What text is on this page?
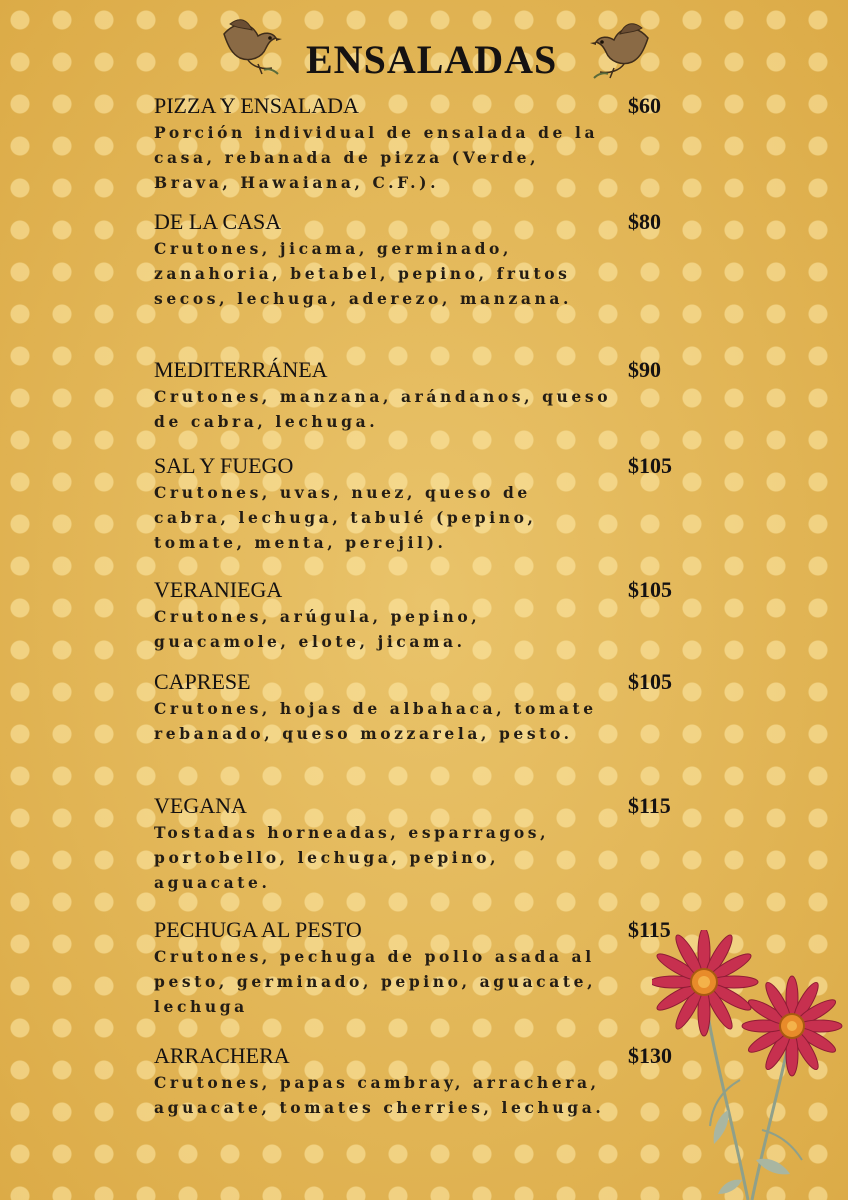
ENSALADAS
PIZZA Y ENSALADA	$60
Porción individual de ensalada de la casa, rebanada de pizza (Verde, Brava, Hawaiana, C.F.).
DE LA CASA	$80
Crutones, jicama, germinado, zanahoria, betabel, pepino, frutos secos, lechuga, aderezo, manzana.
MEDITERRÁNEA	$90
Crutones, manzana, arándanos, queso de cabra, lechuga.
SAL Y FUEGO	$105
Crutones, uvas, nuez, queso de cabra, lechuga, tabulé (pepino, tomate, menta, perejil).
VERANIEGA	$105
Crutones, arúgula, pepino, guacamole, elote, jicama.
CAPRESE	$105
Crutones, hojas de albahaca, tomate rebanado, queso mozzarela, pesto.
VEGANA	$115
Tostadas horneadas, esparragos, portobello, lechuga, pepino, aguacate.
PECHUGA AL PESTO	$115
Crutones, pechuga de pollo asada al pesto, germinado, pepino, aguacate, lechuga
ARRACHERA	$130
Crutones, papas cambray, arrachera, aguacate, tomates cherries, lechuga.
